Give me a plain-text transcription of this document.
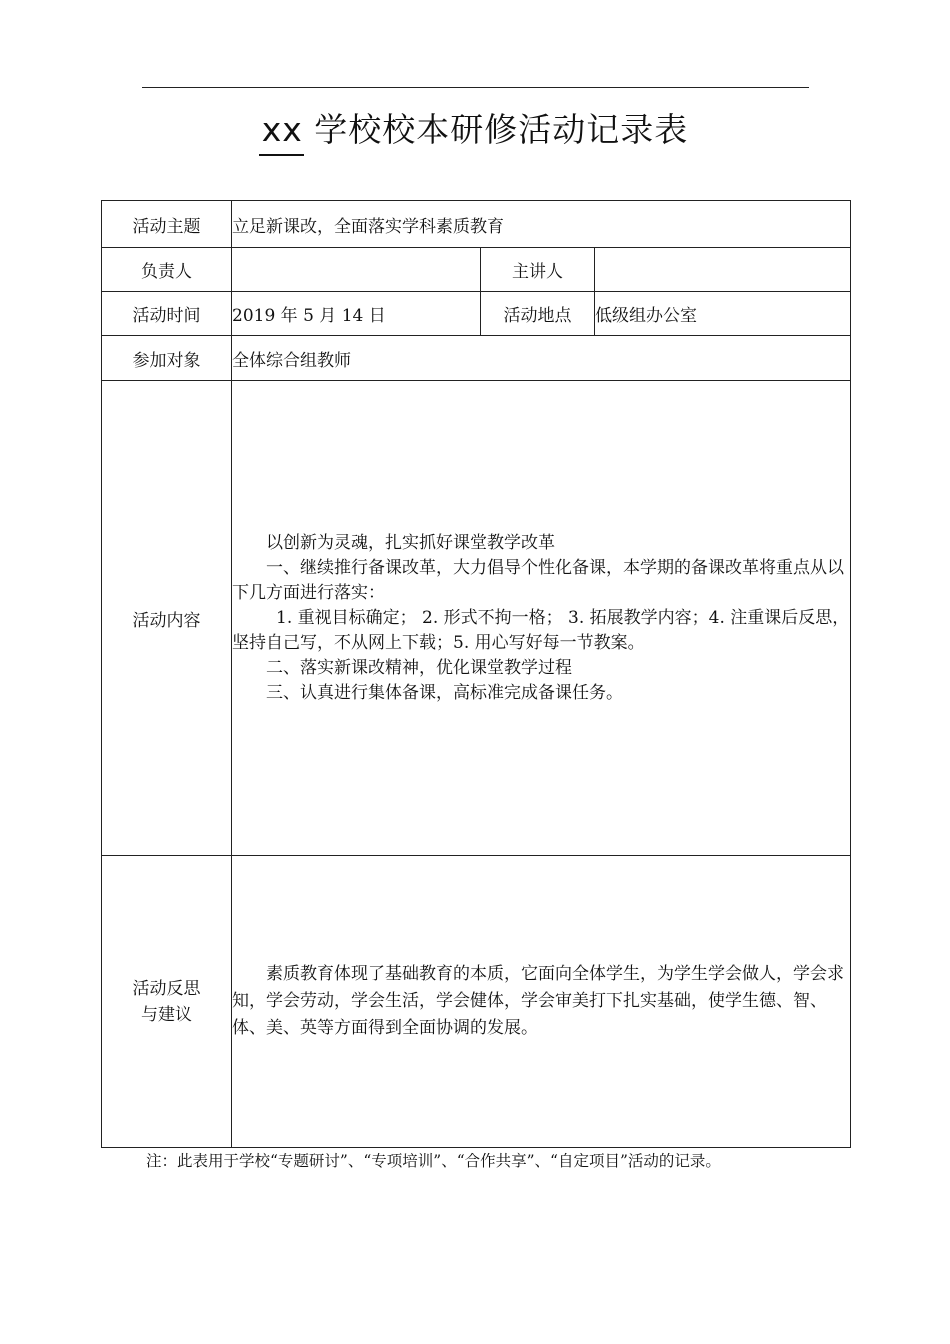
xx 学校校本研修活动记录表
活动主题	立足新课改，全面落实学科素质教育		
负责人		主讲人	
活动时间	2019 年 5 月 14 日	活动地点	低级组办公室
参加对象	全体综合组教师		
活动内容	以创新为灵魂，扎实抓好课堂教学改革

一、继续推行备课改革，大力倡导个性化备课，本学期的备课改革将重点从以下几方面进行落实：

1. 重视目标确定； 2. 形式不拘一格； 3. 拓展教学内容；4. 注重课后反思，坚持自己写，不从网上下载；5. 用心写好每一节教案。

二、落实新课改精神，优化课堂教学过程

三、认真进行集体备课，高标准完成备课任务。		

活动反思
与建议	素质教育体现了基础教育的本质，它面向全体学生，为学生学会做人，学会求知，学会劳动，学会生活，学会健体，学会审美打下扎实基础，使学生德、智、体、美、英等方面得到全面协调的发展。		

注：此表用于学校“专题研讨”、“专项培训”、“合作共享”、“自定项目”活动的记录。
